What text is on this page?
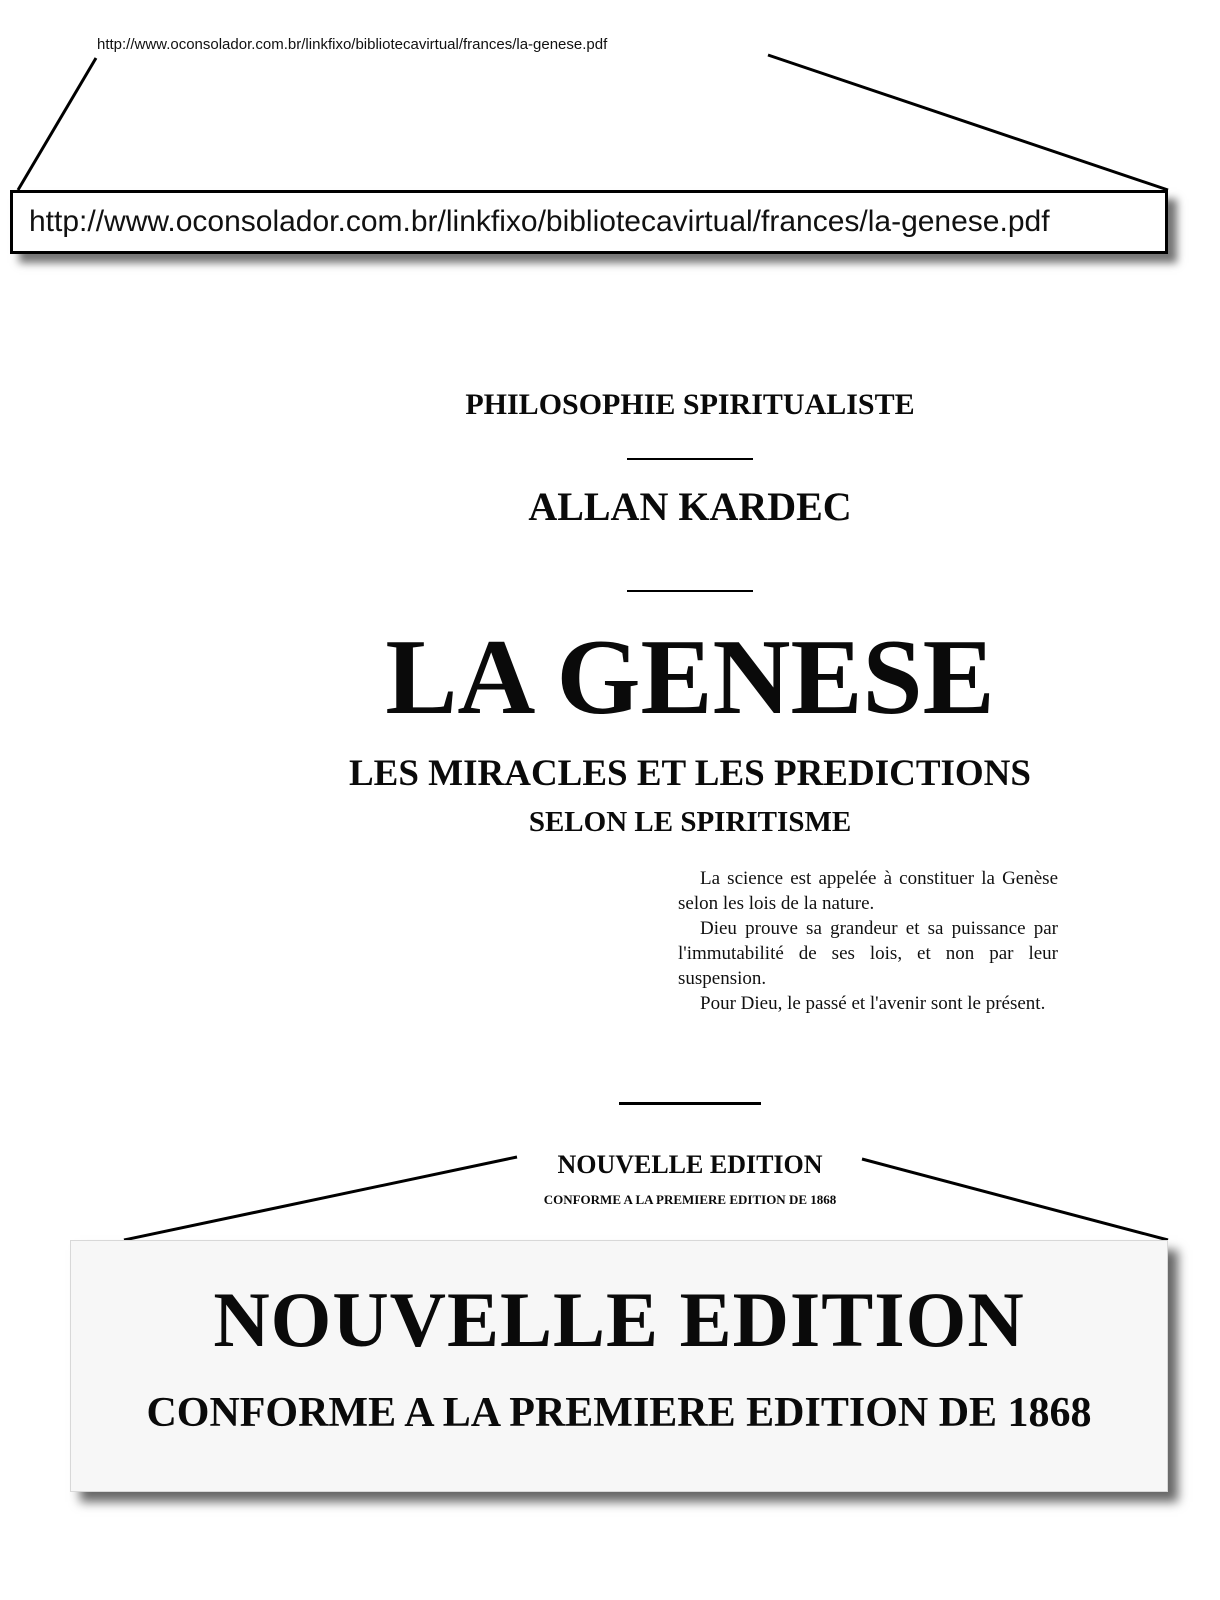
http://www.oconsolador.com.br/linkfixo/bibliotecavirtual/frances/la-genese.pdf
http://www.oconsolador.com.br/linkfixo/bibliotecavirtual/frances/la-genese.pdf
PHILOSOPHIE SPIRITUALISTE
ALLAN KARDEC
LA GENESE
LES MIRACLES ET LES PREDICTIONS
SELON LE SPIRITISME

La science est appelée à constituer la Genèse selon les lois de la nature.

Dieu prouve sa grandeur et sa puissance par l'immutabilité de ses lois, et non par leur suspension.

Pour Dieu, le passé et l'avenir sont le présent.

NOUVELLE EDITION
CONFORME A LA PREMIERE EDITION DE 1868
NOUVELLE EDITION
CONFORME A LA PREMIERE EDITION DE 1868
